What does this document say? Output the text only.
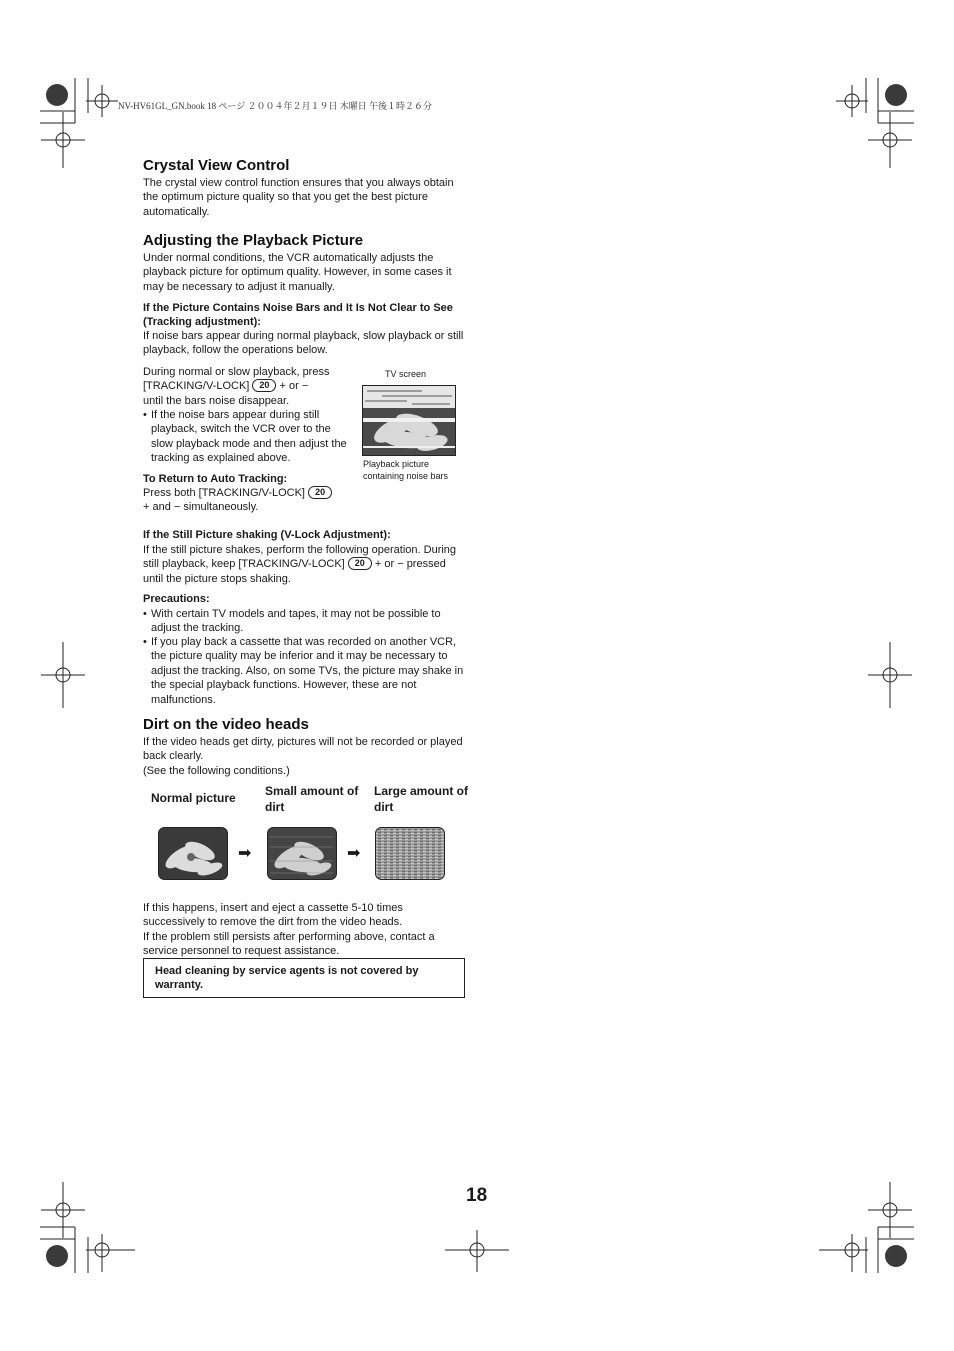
NV-HV61GL_GN.book 18 ページ ２００４年２月１９日 木曜日 午後１時２６分
Crystal View Control
The crystal view control function ensures that you always obtain the optimum picture quality so that you get the best picture automatically.
Adjusting the Playback Picture
Under normal conditions, the VCR automatically adjusts the playback picture for optimum quality. However, in some cases it may be necessary to adjust it manually.
If the Picture Contains Noise Bars and It Is Not Clear to See (Tracking adjustment):
If noise bars appear during normal playback, slow playback or still playback, follow the operations below.
During normal or slow playback, press
[TRACKING/V-LOCK] 20 + or −
until the bars noise disappear.
• If the noise bars appear during still playback, switch the VCR over to the slow playback mode and then adjust the tracking as explained above.
TV screen
Playback picture containing noise bars
To Return to Auto Tracking:
Press both [TRACKING/V-LOCK] 20
+ and − simultaneously.
If the Still Picture shaking (V-Lock Adjustment):
If the still picture shakes, perform the following operation. During still playback, keep [TRACKING/V-LOCK] 20 + or − pressed until the picture stops shaking.
Precautions:
• With certain TV models and tapes, it may not be possible to adjust the tracking.
• If you play back a cassette that was recorded on another VCR, the picture quality may be inferior and it may be necessary to adjust the tracking. Also, on some TVs, the picture may shake in the special playback functions. However, these are not malfunctions.
Dirt on the video heads
If the video heads get dirty, pictures will not be recorded or played back clearly.
(See the following conditions.)
Normal picture Small amount of dirt
Large amount of dirt
➡	➡
If this happens, insert and eject a cassette 5-10 times successively to remove the dirt from the video heads.
If the problem still persists after performing above, contact a service personnel to request assistance.
Head cleaning by service agents is not covered by warranty.
18
